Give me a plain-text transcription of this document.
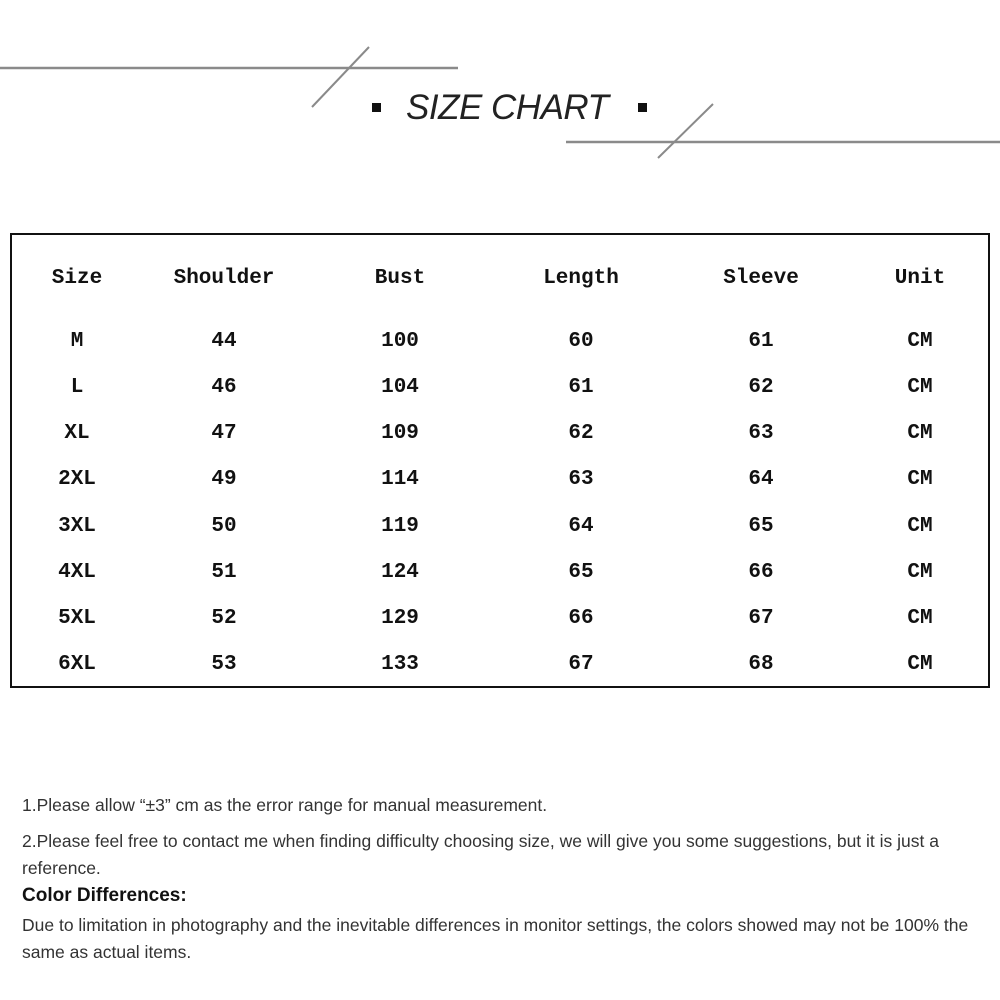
SIZE CHART
Size	Shoulder	Bust	Length	Sleeve	Unit
M	44	100	60	61	CM
L	46	104	61	62	CM
XL	47	109	62	63	CM
2XL	49	114	63	64	CM
3XL	50	119	64	65	CM
4XL	51	124	65	66	CM
5XL	52	129	66	67	CM
6XL	53	133	67	68	CM
1.Please allow “±3” cm as the error range for manual measurement.
2.Please feel free to contact me when finding difficulty choosing size, we will give you some suggestions, but it is just a reference.
Color Differences:
Due to limitation in photography and the inevitable differences in monitor settings, the colors showed may not be 100% the same as actual items.
